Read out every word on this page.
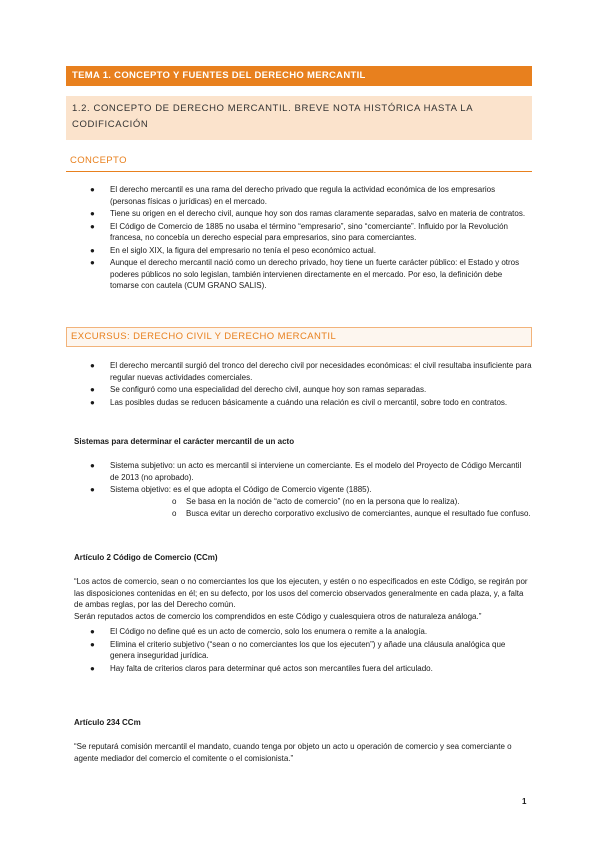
TEMA 1. CONCEPTO Y FUENTES DEL DERECHO MERCANTIL
1.2. CONCEPTO DE DERECHO MERCANTIL. BREVE NOTA HISTÓRICA HASTA LA CODIFICACIÓN
CONCEPTO
● El derecho mercantil es una rama del derecho privado que regula la actividad económica de los empresarios (personas físicas o jurídicas) en el mercado.
● Tiene su origen en el derecho civil, aunque hoy son dos ramas claramente separadas, salvo en materia de contratos.
● El Código de Comercio de 1885 no usaba el término “empresario”, sino “comerciante”. Influido por la Revolución francesa, no concebía un derecho especial para empresarios, sino para comerciantes.
● En el siglo XIX, la figura del empresario no tenía el peso económico actual.
● Aunque el derecho mercantil nació como un derecho privado, hoy tiene un fuerte carácter público: el Estado y otros poderes públicos no solo legislan, también intervienen directamente en el mercado. Por eso, la definición debe tomarse con cautela (CUM GRANO SALIS).
EXCURSUS: DERECHO CIVIL Y DERECHO MERCANTIL
● El derecho mercantil surgió del tronco del derecho civil por necesidades económicas: el civil resultaba insuficiente para regular nuevas actividades comerciales.
● Se configuró como una especialidad del derecho civil, aunque hoy son ramas separadas.
● Las posibles dudas se reducen básicamente a cuándo una relación es civil o mercantil, sobre todo en contratos.
Sistemas para determinar el carácter mercantil de un acto
● Sistema subjetivo: un acto es mercantil si interviene un comerciante. Es el modelo del Proyecto de Código Mercantil de 2013 (no aprobado).
● Sistema objetivo: es el que adopta el Código de Comercio vigente (1885).
o Se basa en la noción de “acto de comercio” (no en la persona que lo realiza).
o Busca evitar un derecho corporativo exclusivo de comerciantes, aunque el resultado fue confuso.
Artículo 2 Código de Comercio (CCm)
“Los actos de comercio, sean o no comerciantes los que los ejecuten, y estén o no especificados en este Código, se regirán por las disposiciones contenidas en él; en su defecto, por los usos del comercio observados generalmente en cada plaza, y, a falta de ambas reglas, por las del Derecho común.
Serán reputados actos de comercio los comprendidos en este Código y cualesquiera otros de naturaleza análoga.”
● El Código no define qué es un acto de comercio, solo los enumera o remite a la analogía.
● Elimina el criterio subjetivo (“sean o no comerciantes los que los ejecuten”) y añade una cláusula analógica que genera inseguridad jurídica.
● Hay falta de criterios claros para determinar qué actos son mercantiles fuera del articulado.
Artículo 234 CCm
“Se reputará comisión mercantil el mandato, cuando tenga por objeto un acto u operación de comercio y sea comerciante o agente mediador del comercio el comitente o el comisionista.”
1
